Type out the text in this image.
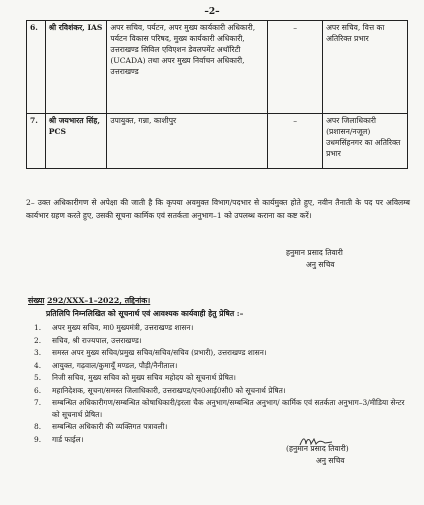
–2–
6.	श्री रविशंकर, IAS	अपर सचिव, पर्यटन, अपर मुख्य कार्यकारी अधिकारी, पर्यटन विकास परिषद, मुख्य कार्यकारी अधिकारी, उत्तराखण्ड सिविल एविएशन डेवलपमेंट अथॉरिटी (UCADA) तथा अपर मुख्य निर्वाचन अधिकारी, उत्तराखण्ड	–	अपर सचिव, वित्त का अतिरिक्त प्रभार
7.	श्री जयभारत सिंह, PCS	उपायुक्त, गन्ना, काशीपुर	–	अपर जिलाधिकारी (प्रशासन/नजूल) उधमसिंहनगर का अतिरिक्त प्रभार
2– उक्त अधिकारीगण से अपेक्षा की जाती है कि कृपया अवमुक्त विभाग/पदभार से कार्यमुक्त होते हुए, नवीन तैनाती के पद पर अविलम्ब कार्यभार ग्रहण करते हुए, उसकी सूचना कार्मिक एवं सतर्कता अनुभाग–1 को उपलब्ध कराना का कष्ट करें।
हनुमान प्रसाद तिवारी
अनु सचिव
संख्या 292/XXX–1–2022, तद्दिनांक।
प्रतिलिपि निम्नलिखित को सूचनार्थ एवं आवश्यक कार्यवाही हेतु प्रेषित :–
1.	अपर मुख्य सचिव, मा0 मुख्यमंत्री, उत्तराखण्ड शासन।
2.	सचिव, श्री राज्यपाल, उत्तराखण्ड।
3.	समस्त अपर मुख्य सचिव/प्रमुख सचिव/सचिव/सचिव (प्रभारी), उत्तराखण्ड शासन।
4.	आयुक्त, गढ़वाल/कुमायूँ मण्डल, पौड़ी/नैनीताल।
5.	निजी सचिव, मुख्य सचिव को मुख्य सचिव महोदय को सूचनार्थ प्रेषित।
6.	महानिदेशक, सूचना/समस्त जिलाधिकारी, उत्तराखण्ड/एन0आई0सी0 को सूचनार्थ प्रेषित।
7.	सम्बन्धित अधिकारीगण/सम्बन्धित कोषाधिकारी/इरला चैक अनुभाग/सम्बन्धित अनुभाग/ कार्मिक एवं सतर्कता अनुभाग–3/मीडिया सेन्टर को सूचनार्थ प्रेषित।
8.	सम्बन्धित अधिकारी की व्यक्तिगत पत्रावली।
9.	गार्ड फाईल।
(हनुमान प्रसाद तिवारी)
अनु सचिव
